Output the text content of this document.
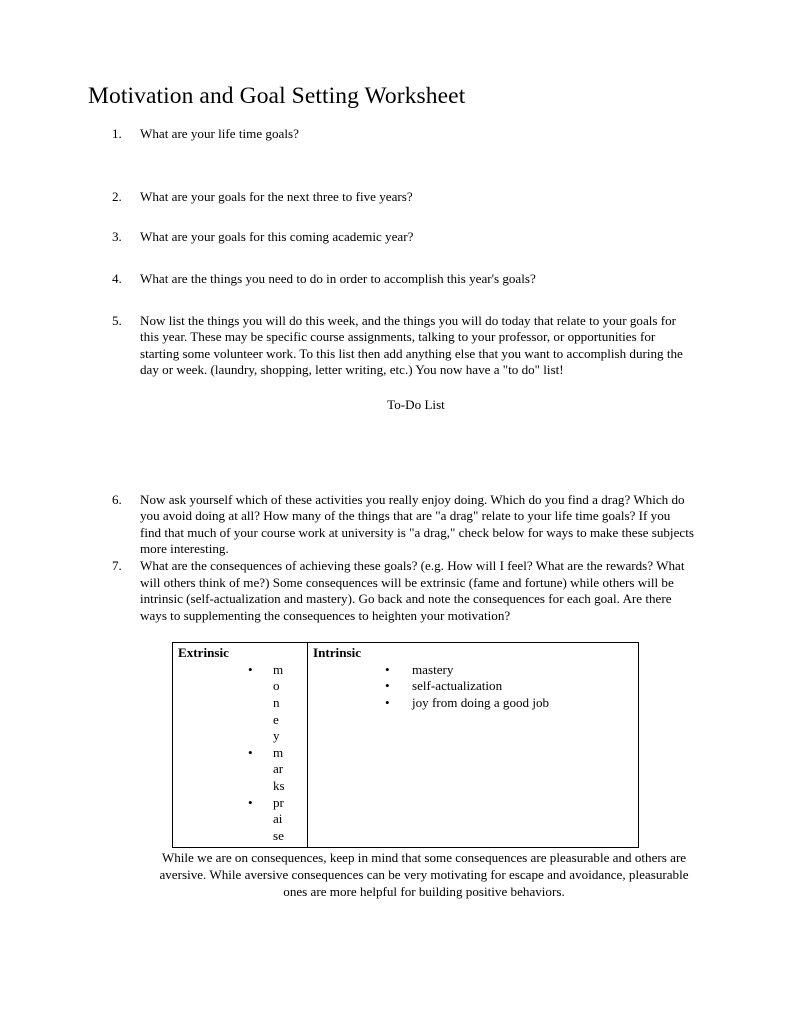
Motivation and Goal Setting Worksheet
1.	What are your life time goals?
2.	What are your goals for the next three to five years?
3.	What are your goals for this coming academic year?
4.	What are the things you need to do in order to accomplish this year's goals?
5.	Now list the things you will do this week, and the things you will do today that relate to your goals for this year. These may be specific course assignments, talking to your professor, or opportunities for starting some volunteer work. To this list then add anything else that you want to accomplish during the day or week. (laundry, shopping, letter writing, etc.) You now have a "to do" list!
To-Do List
6.	Now ask yourself which of these activities you really enjoy doing. Which do you find a drag? Which do you avoid doing at all? How many of the things that are "a drag" relate to your life time goals? If you find that much of your course work at university is "a drag," check below for ways to make these subjects more interesting.
7.	What are the consequences of achieving these goals? (e.g. How will I feel? What are the rewards? What will others think of me?) Some consequences will be extrinsic (fame and fortune) while others will be intrinsic (self-actualization and mastery). Go back and note the consequences for each goal. Are there ways to supplementing the consequences to heighten your motivation?
Extrinsic
• m
o
n
e
y
• m
ar
ks
• pr
ai
se

Intrinsic
• mastery
• self-actualization
• joy from doing a good job
While we are on consequences, keep in mind that some consequences are pleasurable and others are aversive. While aversive consequences can be very motivating for escape and avoidance, pleasurable ones are more helpful for building positive behaviors.
